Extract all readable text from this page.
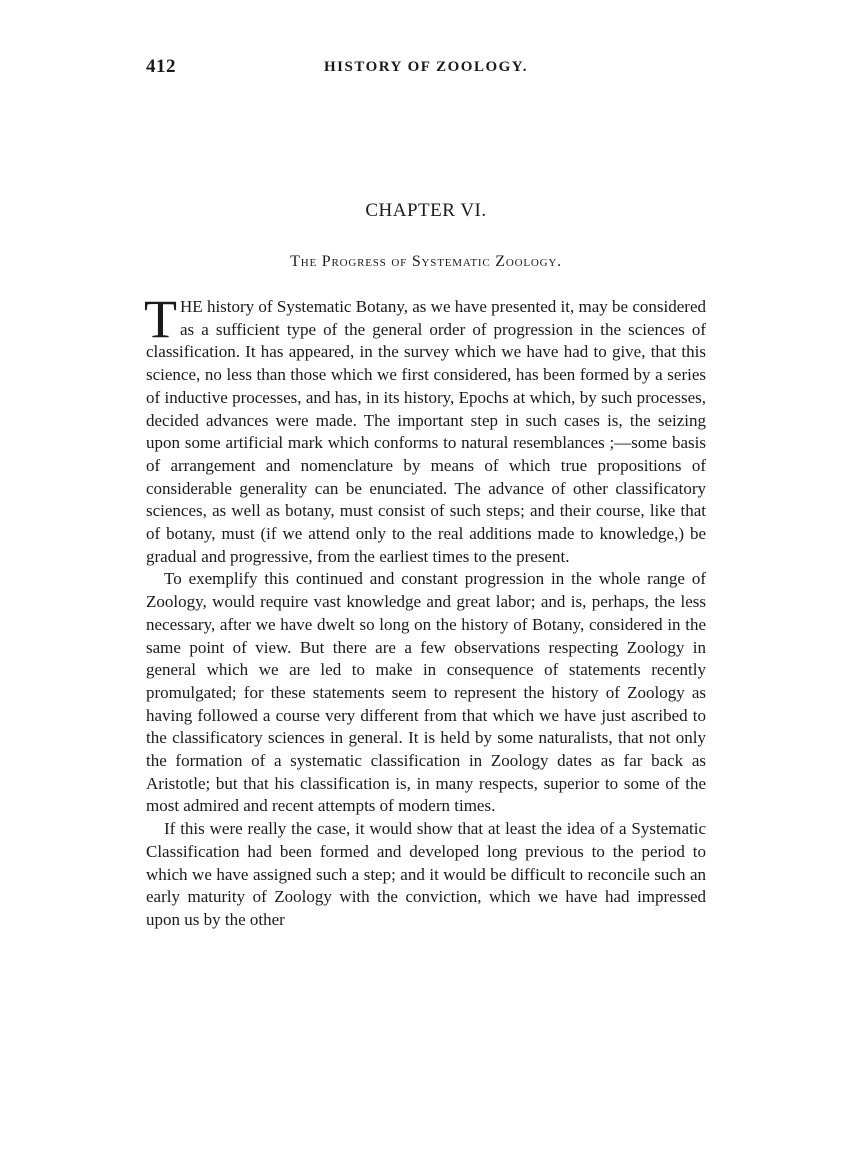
412	HISTORY OF ZOOLOGY.
CHAPTER VI.
The Progress of Systematic Zoology.

THE history of Systematic Botany, as we have presented it, may be considered as a sufficient type of the general order of progression in the sciences of classification. It has appeared, in the survey which we have had to give, that this science, no less than those which we first considered, has been formed by a series of inductive processes, and has, in its history, Epochs at which, by such processes, decided advances were made. The important step in such cases is, the seizing upon some artificial mark which conforms to natural resemblances ;—some basis of arrangement and nomenclature by means of which true propositions of considerable generality can be enunciated. The advance of other classificatory sciences, as well as botany, must consist of such steps; and their course, like that of botany, must (if we attend only to the real additions made to knowledge,) be gradual and progressive, from the earliest times to the present.

To exemplify this continued and constant progression in the whole range of Zoology, would require vast knowledge and great labor; and is, perhaps, the less necessary, after we have dwelt so long on the history of Botany, considered in the same point of view. But there are a few observations respecting Zoology in general which we are led to make in consequence of statements recently promulgated; for these statements seem to represent the history of Zoology as having followed a course very different from that which we have just ascribed to the classificatory sciences in general. It is held by some naturalists, that not only the formation of a systematic classification in Zoology dates as far back as Aristotle; but that his classification is, in many respects, superior to some of the most admired and recent attempts of modern times.

If this were really the case, it would show that at least the idea of a Systematic Classification had been formed and developed long previous to the period to which we have assigned such a step; and it would be difficult to reconcile such an early maturity of Zoology with the conviction, which we have had impressed upon us by the other
